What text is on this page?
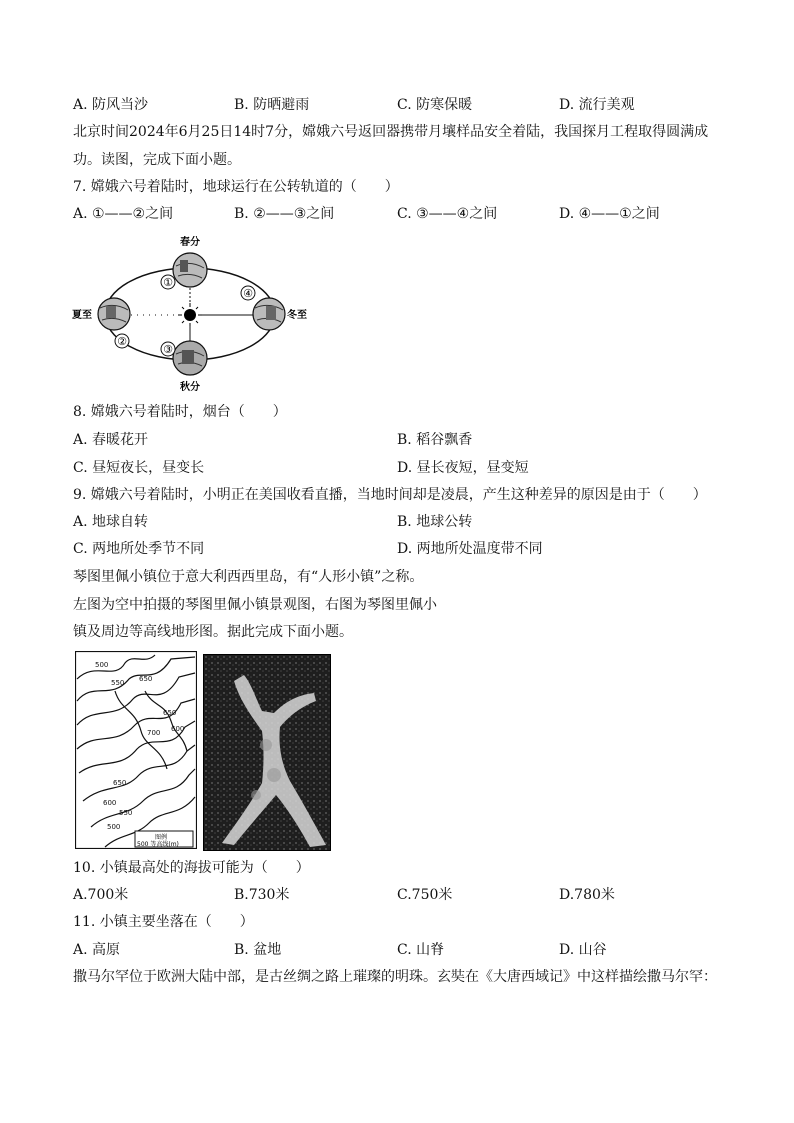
A. 防风当沙	B. 防晒避雨	C. 防寒保暖	D. 流行美观
北京时间2024年6月25日14时7分，嫦娥六号返回器携带月壤样品安全着陆，我国探月工程取得圆满成
功。读图，完成下面小题。
7. 嫦娥六号着陆时，地球运行在公转轨道的（　　）
A. ①——②之间	B. ②——③之间	C. ③——④之间	D. ④——①之间
①
②
③
④
春分
夏至	冬至
秋分
8. 嫦娥六号着陆时，烟台（　　）
A. 春暖花开	B. 稻谷飘香
C. 昼短夜长，昼变长	D. 昼长夜短，昼变短
9. 嫦娥六号着陆时，小明正在美国收看直播，当地时间却是凌晨，产生这种差异的原因是由于（　　）
A. 地球自转	B. 地球公转
C. 两地所处季节不同	D. 两地所处温度带不同
琴图里佩小镇位于意大利西西里岛，有“人形小镇”之称。
左图为空中拍摄的琴图里佩小镇景观图，右图为琴图里佩小
镇及周边等高线地形图。据此完成下面小题。
500
550 650
650
700 600
650
600
550
500
图例
500 等高线(m)
10. 小镇最高处的海拔可能为（　　）
A.700米	B.730米	C.750米	D.780米
11. 小镇主要坐落在（　　）
A. 高原	B. 盆地	C. 山脊	D. 山谷
撒马尔罕位于欧洲大陆中部，是古丝绸之路上璀璨的明珠。玄奘在《大唐西域记》中这样描绘撒马尔罕：
